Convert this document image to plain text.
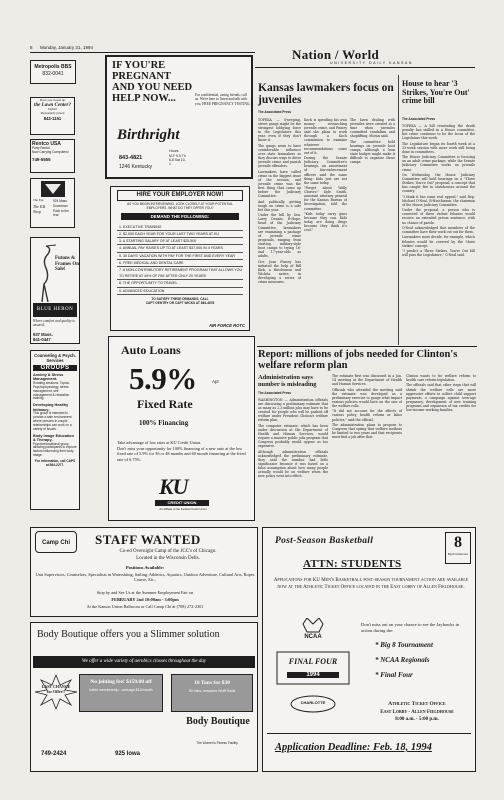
8 Monday, January 31, 1994	Nation / World
UNIVERSITY DAILY KANSAN
Metropolis BBS
832-0041
Have you closed up
the Lawn Center?
Lights?
Reasonably priced
843-1151
Rentco USA
Party Rental
Now Carrying Computers!
749-5555
The Eye
The Elk Shop
924 Mass.
Downtown
Pack to the rear
Futons & Frames On Sale!
BLUE HERON
Where comfort and quality is assured.
937 Mass.
841-0447
Counseling & Psych. Services
GROUPS
Anxiety & Stress Management-
Rotating sessions. Topics: Psychophysiology, stress management, self management & relaxation training.
Developing Healthy Intimacy-
This group is intended to provide a safe environment where persons in couple relationships can work on a variety of issues.
Body Image Education & Therapy-
Psychoeducational group allowing participants to explore factors influencing their body image.
For information, call CAPS at 864-2277.
IF YOU'RE PREGNANT AND YOU NEED HELP NOW...	For confidential, caring friends, call us. We're here to listen and talk with you. FREE PREGNANCY TESTING.
Birthright
843-4821
1246 Kentucky
Hours
M-F 9-5 Th 6-8 Sat 10-1
HIRE YOUR EMPLOYER NOW!
AS YOU BEGIN INTERVIEWING, LOOK CLOSELY AT YOUR POTENTIAL EMPLOYERS. WHAT DO THEY OFFER YOU?
DEMAND THE FOLLOWING:
1. EXECUTIVE TRAINING
2. $2,000 EACH YEAR FOR YOUR LAST TWO YEARS AT KU
3. A STARTING SALARY OF AT LEAST $25,500
4. ANNUAL PAY RAISES UP TO AT LEAST $37,000 IN 4 YEARS
5. 30 DAYS' VACATION WITH PAY FOR THE FIRST AND EVERY YEAR
6. FREE MEDICAL AND DENTAL CARE
7. A NON-CONTRIBUTORY RETIREMENT PROGRAM THAT ALLOWS YOU TO RETIRE AT 40% OF PAY AFTER ONLY 20 YEARS
8. THE OPPORTUNITY TO TRAVEL
9. ADVANCED EDUCATION
TO SATISFY THESE DEMANDS, CALL
CAPT GENTRY OR CAPT WICKS AT 864-4676
AIR FORCE ROTC
Auto Loans
5.9%	Apr
Fixed Rate
100% Financing
Take advantage of low rates at KU Credit Union.
Don't miss your opportunity for 100% financing of a new auto at the low fixed rate of 5.9% for 36 or 48 months and 60 month financing at the fixed rate of 6.75%.
KU
CREDIT UNION
An affiliate of the Federal Credit Union
Kansas lawmakers focus on juveniles
The Associated Press

TOPEKA — Sweeping, street gangs might be the strongest lobbying force in the Legislature this year, even if they don't know it.

The gangs seem to have considerable influence over state lawmakers as they discuss ways to deter juvenile crime and punish juvenile offenders.

Lawmakers have called crime in the biggest issue of the session, and juvenile crime was the first thing that came up before the Judiciary Committee.

And politically, getting tough on crime is a safe bet this year.

Under the bill by Sen. Larry Dennis, R-Hope, head of the Judiciary Committee, lawmakers are examining a package of juvenile crime proposals, ranging from starting military-style boot camps to trying 16- and 17-year-olds as adults.

Gov. Joan Finney has initiated the help of Bill Kirk, a Hutchinson and Wichita native, in developing a series of crime measures.

Koch is spending his own money researching juvenile crime, and Finney said she plans to work through a Koch commission to examine whatever recommendations come out of it.

During the Senate Judiciary Committee's hearings, an assortment of law-enforcement officers said the same thing: Kids just are not the same today.

"Forget about Wally Cleaver," Kyle Smith, assistant attorney general for the Kansas Bureau of Investigation, told the committee.

"Kids today carry guns because they can. Kids today are doing drugs because they think it's cool."

The lawn dealing with juveniles were created at a time when juveniles committed vandalism and shoplifting, Moran said.

The committee held hearings on juvenile boot camps, although a lean state budget might make it difficult to organize those camps.

House to hear '3 Strikes, You're Out' crime bill
The Associated Press

TOPEKA — A bill reinstating the death penalty has stalled in a House committee, but crime continues to be the focus of the Legislature this week.

The Legislature began its fourth week at a 33-week session with more work still being done in committees.

The House Judiciary Committee is focusing on an adult crime package, while the Senate Judiciary Committee works on juvenile crime.

On Wednesday, the House Judiciary Committee will hold hearings on a "Three Strikes, You're Out" proposal, a concept that has caught fire in statehouses around the country.

"I think it has some real appeal," said Rep. Michael O'Neal, R-Hutchinson, the chairman of the House Judiciary Committee.

Under the proposal, a person who is convicted of three violent felonies would receive an extended prison sentence, with no chance of parole.

O'Neal acknowledged that members of the committee have their work cut out for them.

Lawmakers must decide, for example, which felonies would be covered by the 'three strikes' concept.

"I predict a Three Strikes, You're Out bill will pass the Legislature," O'Neal said.

Report: millions of jobs needed for Clinton's welfare reform plan
Administration says number is misleading
The Associated Press

WASHINGTON — Administration officials are discussing a preliminary estimate that as many as 2.3 million jobs may have to be created for people who will be pushed off welfare under President Clinton's welfare reform plan.

The computer estimate, which has been under discussion at the Department of Health and Human Services, would require a massive public jobs program that Congress probably would oppose as too expensive.

Although administration officials acknowledged the preliminary estimate, they said the number had little significance because it was based on a false assumption about how many people actually would be on welfare when the new policy went into effect.

The estimate first was discussed in a Jan. 14 meeting at the Department of Health and Human Services.

Officials who attended the meeting said the estimate was developed as a preliminary exercise to gauge what impact various policies would have on the size of the welfare rolls.

"It did not account for the effects of various policy, health reform or labor policies," said the official.

The administration plans to propose to Congress that spring that welfare mothers be limited to two years and that recipients must find a job after that.

Clinton wants to tie welfare reform to health care reform legislation.

The officials said that other steps that will shrink the welfare rolls are more aggressive efforts to collect child support payments, a campaign against teen-age pregnancy, development of new training programs and expansion of tax credits for low-income working families.

Camp Chi	STAFF WANTED
Co-ed Overnight Camp of the JCC's of Chicago.
Located in the Wisconsin Dells.
Positions Available:
Unit Supervisors, Counselors, Specialists in Waterskiing, Sailing, Athletics, Aquatics, Outdoor Adventure, Cultural Arts, Ropes Course, Etc.,
Stop by and See Us at the Summer Employment Fair on
FEBRUARY 2nd 10:00am - 3:00pm
At the Kansas Union Ballroom or Call Camp Chi at (708) 272-2301
Body Boutique offers you a Slimmer solution
We offer a wide variety of aerobics classes throughout the day
LAST CHANCE for Offer!!
No joining fee! $159.00 off
Initial membership - average $10/month
10 Tans for $30
30 mins. sessions Wolff Beds
Body Boutique
The Women's Fitness Facility
749-2424	925 Iowa
Post-Season Basketball	8
Big 8 Conference
ATTN: STUDENTS
Applications for KU Men's Basketball post-season tournament action are available now at the Athletic Ticket Office located in the East lobby of Allen Fieldhouse.
NCAA
FINAL FOUR
1994
CHARLOTTE
Don't miss out on your chance to see the Jayhawks in action during the:
* Big 8 Tournament
* NCAA Regionals
* Final Four
Athletic Ticket Office
East Lobby - Allen Fieldhouse
8:00 a.m. - 5:00 p.m.
Application Deadline: Feb. 18, 1994
